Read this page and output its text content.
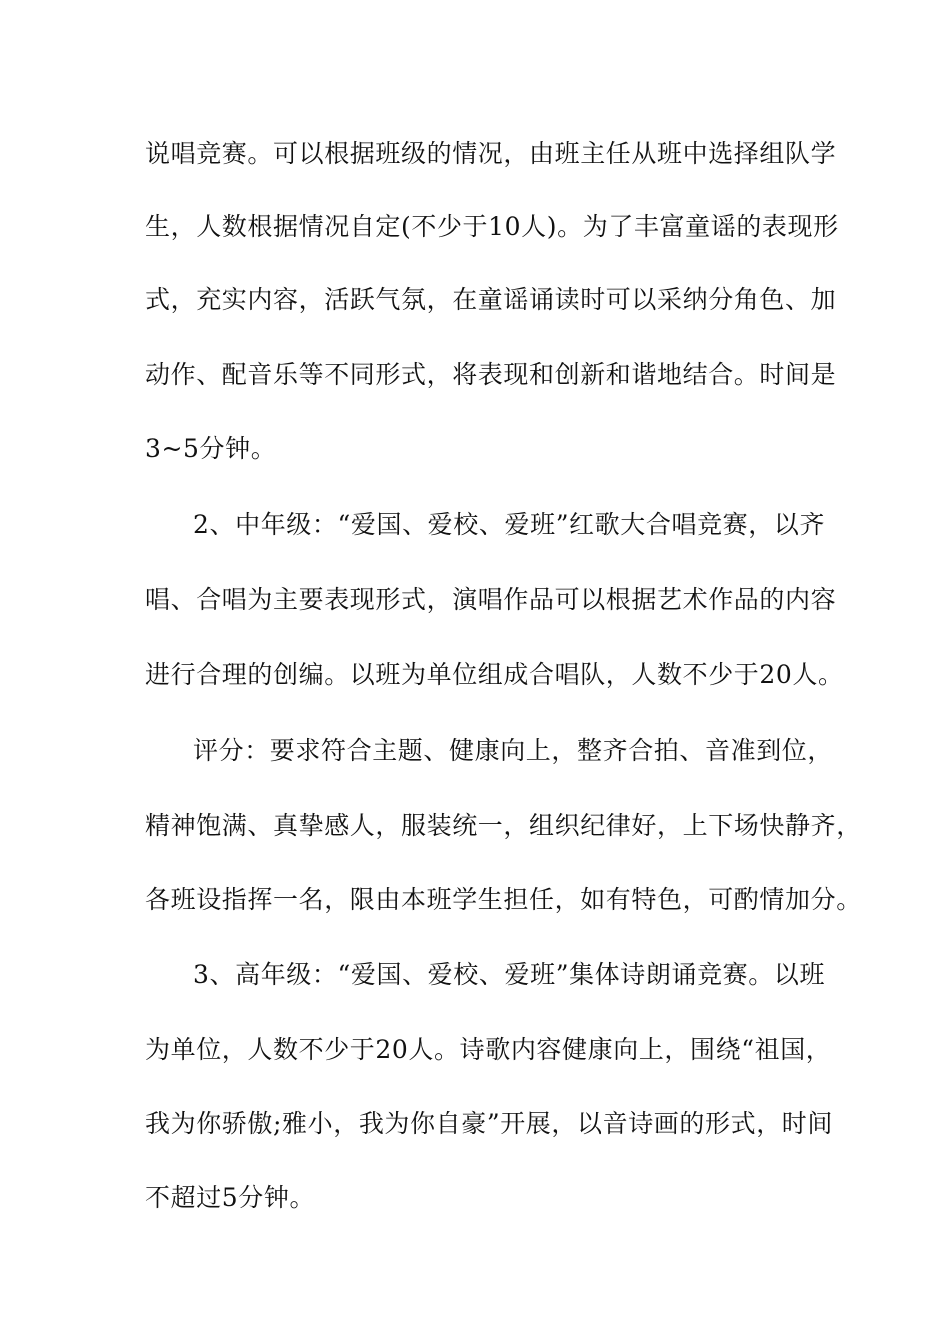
说唱竞赛。可以根据班级的情况，由班主任从班中选择组队学
生，人数根据情况自定(不少于10人)。为了丰富童谣的表现形
式，充实内容，活跃气氛，在童谣诵读时可以采纳分角色、加
动作、配音乐等不同形式，将表现和创新和谐地结合。时间是
3~5分钟。
2、中年级：“爱国、爱校、爱班”红歌大合唱竞赛，以齐
唱、合唱为主要表现形式，演唱作品可以根据艺术作品的内容
进行合理的创编。以班为单位组成合唱队，人数不少于20人。
评分：要求符合主题、健康向上，整齐合拍、音准到位，
精神饱满、真挚感人，服装统一，组织纪律好，上下场快静齐，
各班设指挥一名，限由本班学生担任，如有特色，可酌情加分。
3、高年级：“爱国、爱校、爱班”集体诗朗诵竞赛。以班
为单位，人数不少于20人。诗歌内容健康向上，围绕“祖国，
我为你骄傲;雅小，我为你自豪”开展，以音诗画的形式，时间
不超过5分钟。
